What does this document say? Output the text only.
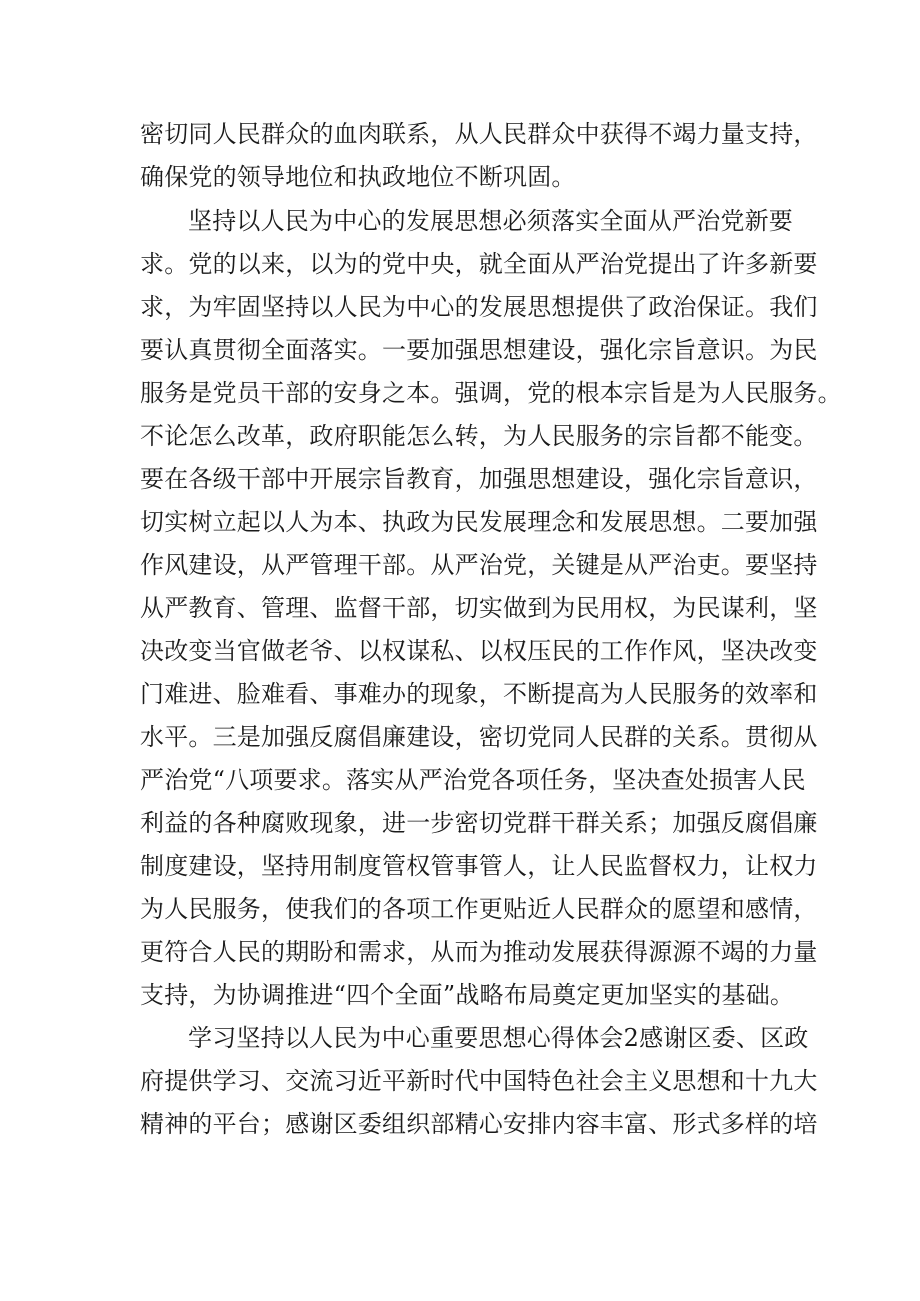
密切同人民群众的血肉联系，从人民群众中获得不竭力量支持，
确保党的领导地位和执政地位不断巩固。
坚持以人民为中心的发展思想必须落实全面从严治党新要
求。党的以来，以为的党中央，就全面从严治党提出了许多新要
求，为牢固坚持以人民为中心的发展思想提供了政治保证。我们
要认真贯彻全面落实。一要加强思想建设，强化宗旨意识。为民
服务是党员干部的安身之本。强调，党的根本宗旨是为人民服务。
不论怎么改革，政府职能怎么转，为人民服务的宗旨都不能变。
要在各级干部中开展宗旨教育，加强思想建设，强化宗旨意识，
切实树立起以人为本、执政为民发展理念和发展思想。二要加强
作风建设，从严管理干部。从严治党，关键是从严治吏。要坚持
从严教育、管理、监督干部，切实做到为民用权，为民谋利，坚
决改变当官做老爷、以权谋私、以权压民的工作作风，坚决改变
门难进、脸难看、事难办的现象，不断提高为人民服务的效率和
水平。三是加强反腐倡廉建设，密切党同人民群的关系。贯彻从
严治党“八项要求。落实从严治党各项任务，坚决查处损害人民
利益的各种腐败现象，进一步密切党群干群关系；加强反腐倡廉
制度建设，坚持用制度管权管事管人，让人民监督权力，让权力
为人民服务，使我们的各项工作更贴近人民群众的愿望和感情，
更符合人民的期盼和需求，从而为推动发展获得源源不竭的力量
支持，为协调推进“四个全面”战略布局奠定更加坚实的基础。
学习坚持以人民为中心重要思想心得体会2感谢区委、区政
府提供学习、交流习近平新时代中国特色社会主义思想和十九大
精神的平台；感谢区委组织部精心安排内容丰富、形式多样的培
